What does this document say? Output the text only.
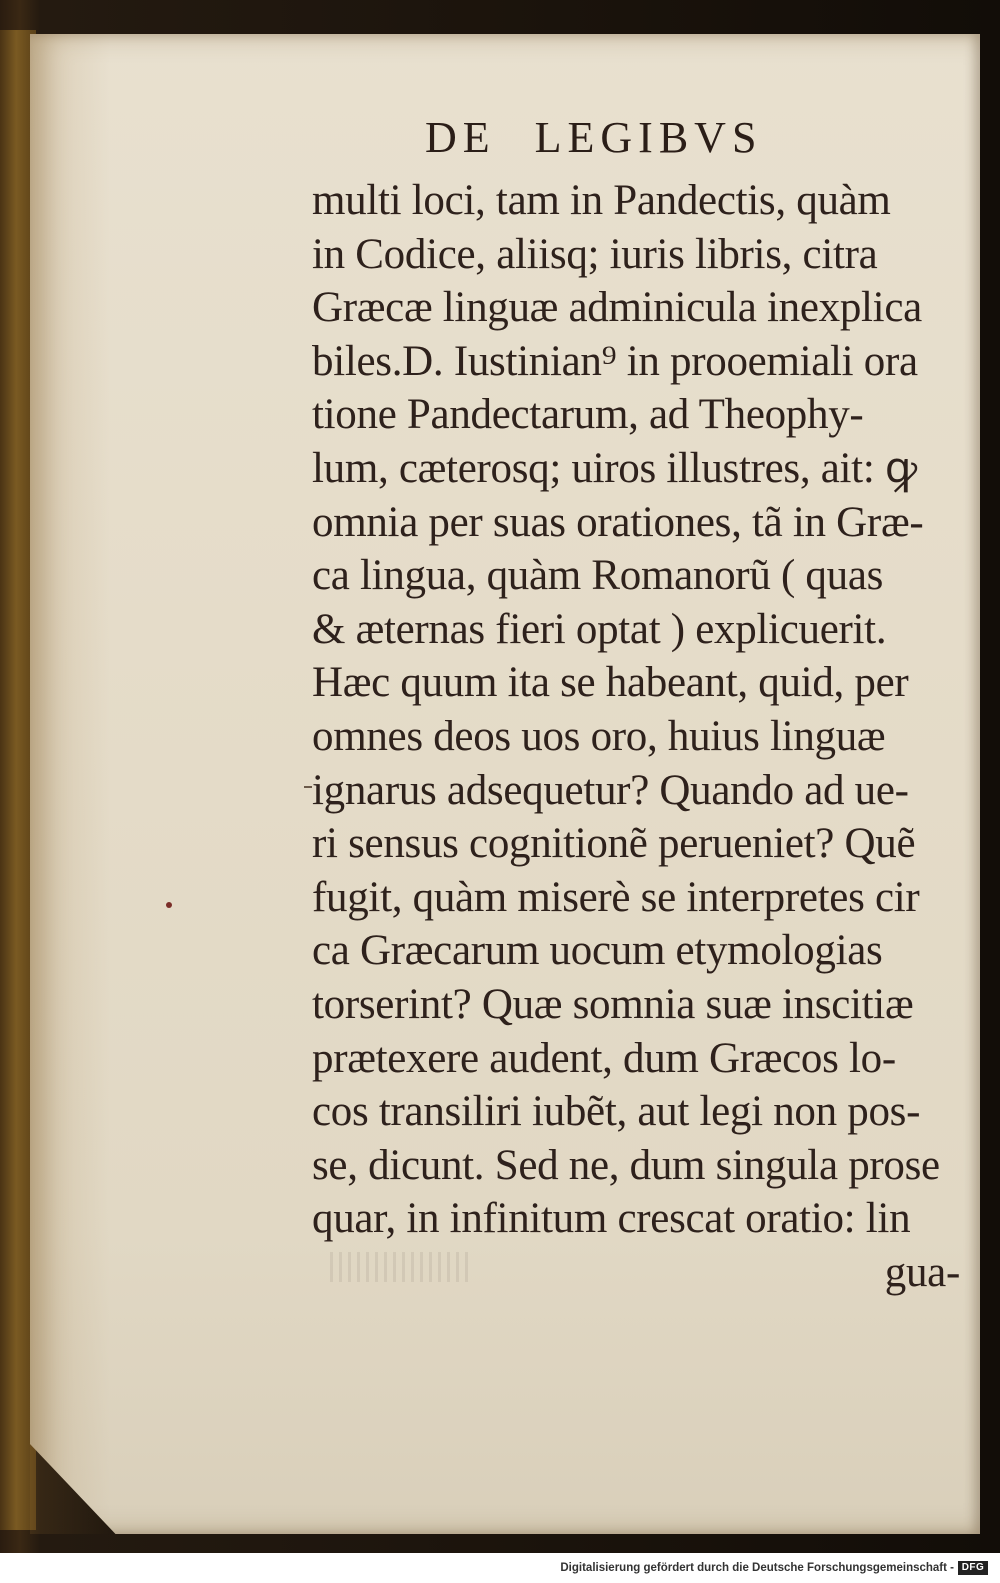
DE LEGIBVS
multi loci, tam in Pandectis, quàm
in Codice, aliisq; iuris libris, citra
Græcæ linguæ adminicula inexplica
biles.D. Iustinian⁹ in prooemiali ora
tione Pandectarum, ad Theophy-
lum, cæterosq; uiros illustres, ait: ꝙ
omnia per suas orationes, tã in Græ-
ca lingua, quàm Romanorũ ( quas
& æternas fieri optat ) explicuerit.
Hæc quum ita se habeant, quid, per
omnes deos uos oro, huius linguæ
ignarus adsequetur? Quando ad ue-
ri sensus cognitionẽ perueniet? Quẽ
fugit, quàm miserè se interpretes cir
ca Græcarum uocum etymologias
torserint? Quæ somnia suæ inscitiæ
prætexere audent, dum Græcos lo-
cos transiliri iubẽt, aut legi non pos-
se, dicunt. Sed ne, dum singula prose
quar, in infinitum crescat oratio: lin
gua-
Digitalisierung gefördert durch die Deutsche Forschungsgemeinschaft - DFG
